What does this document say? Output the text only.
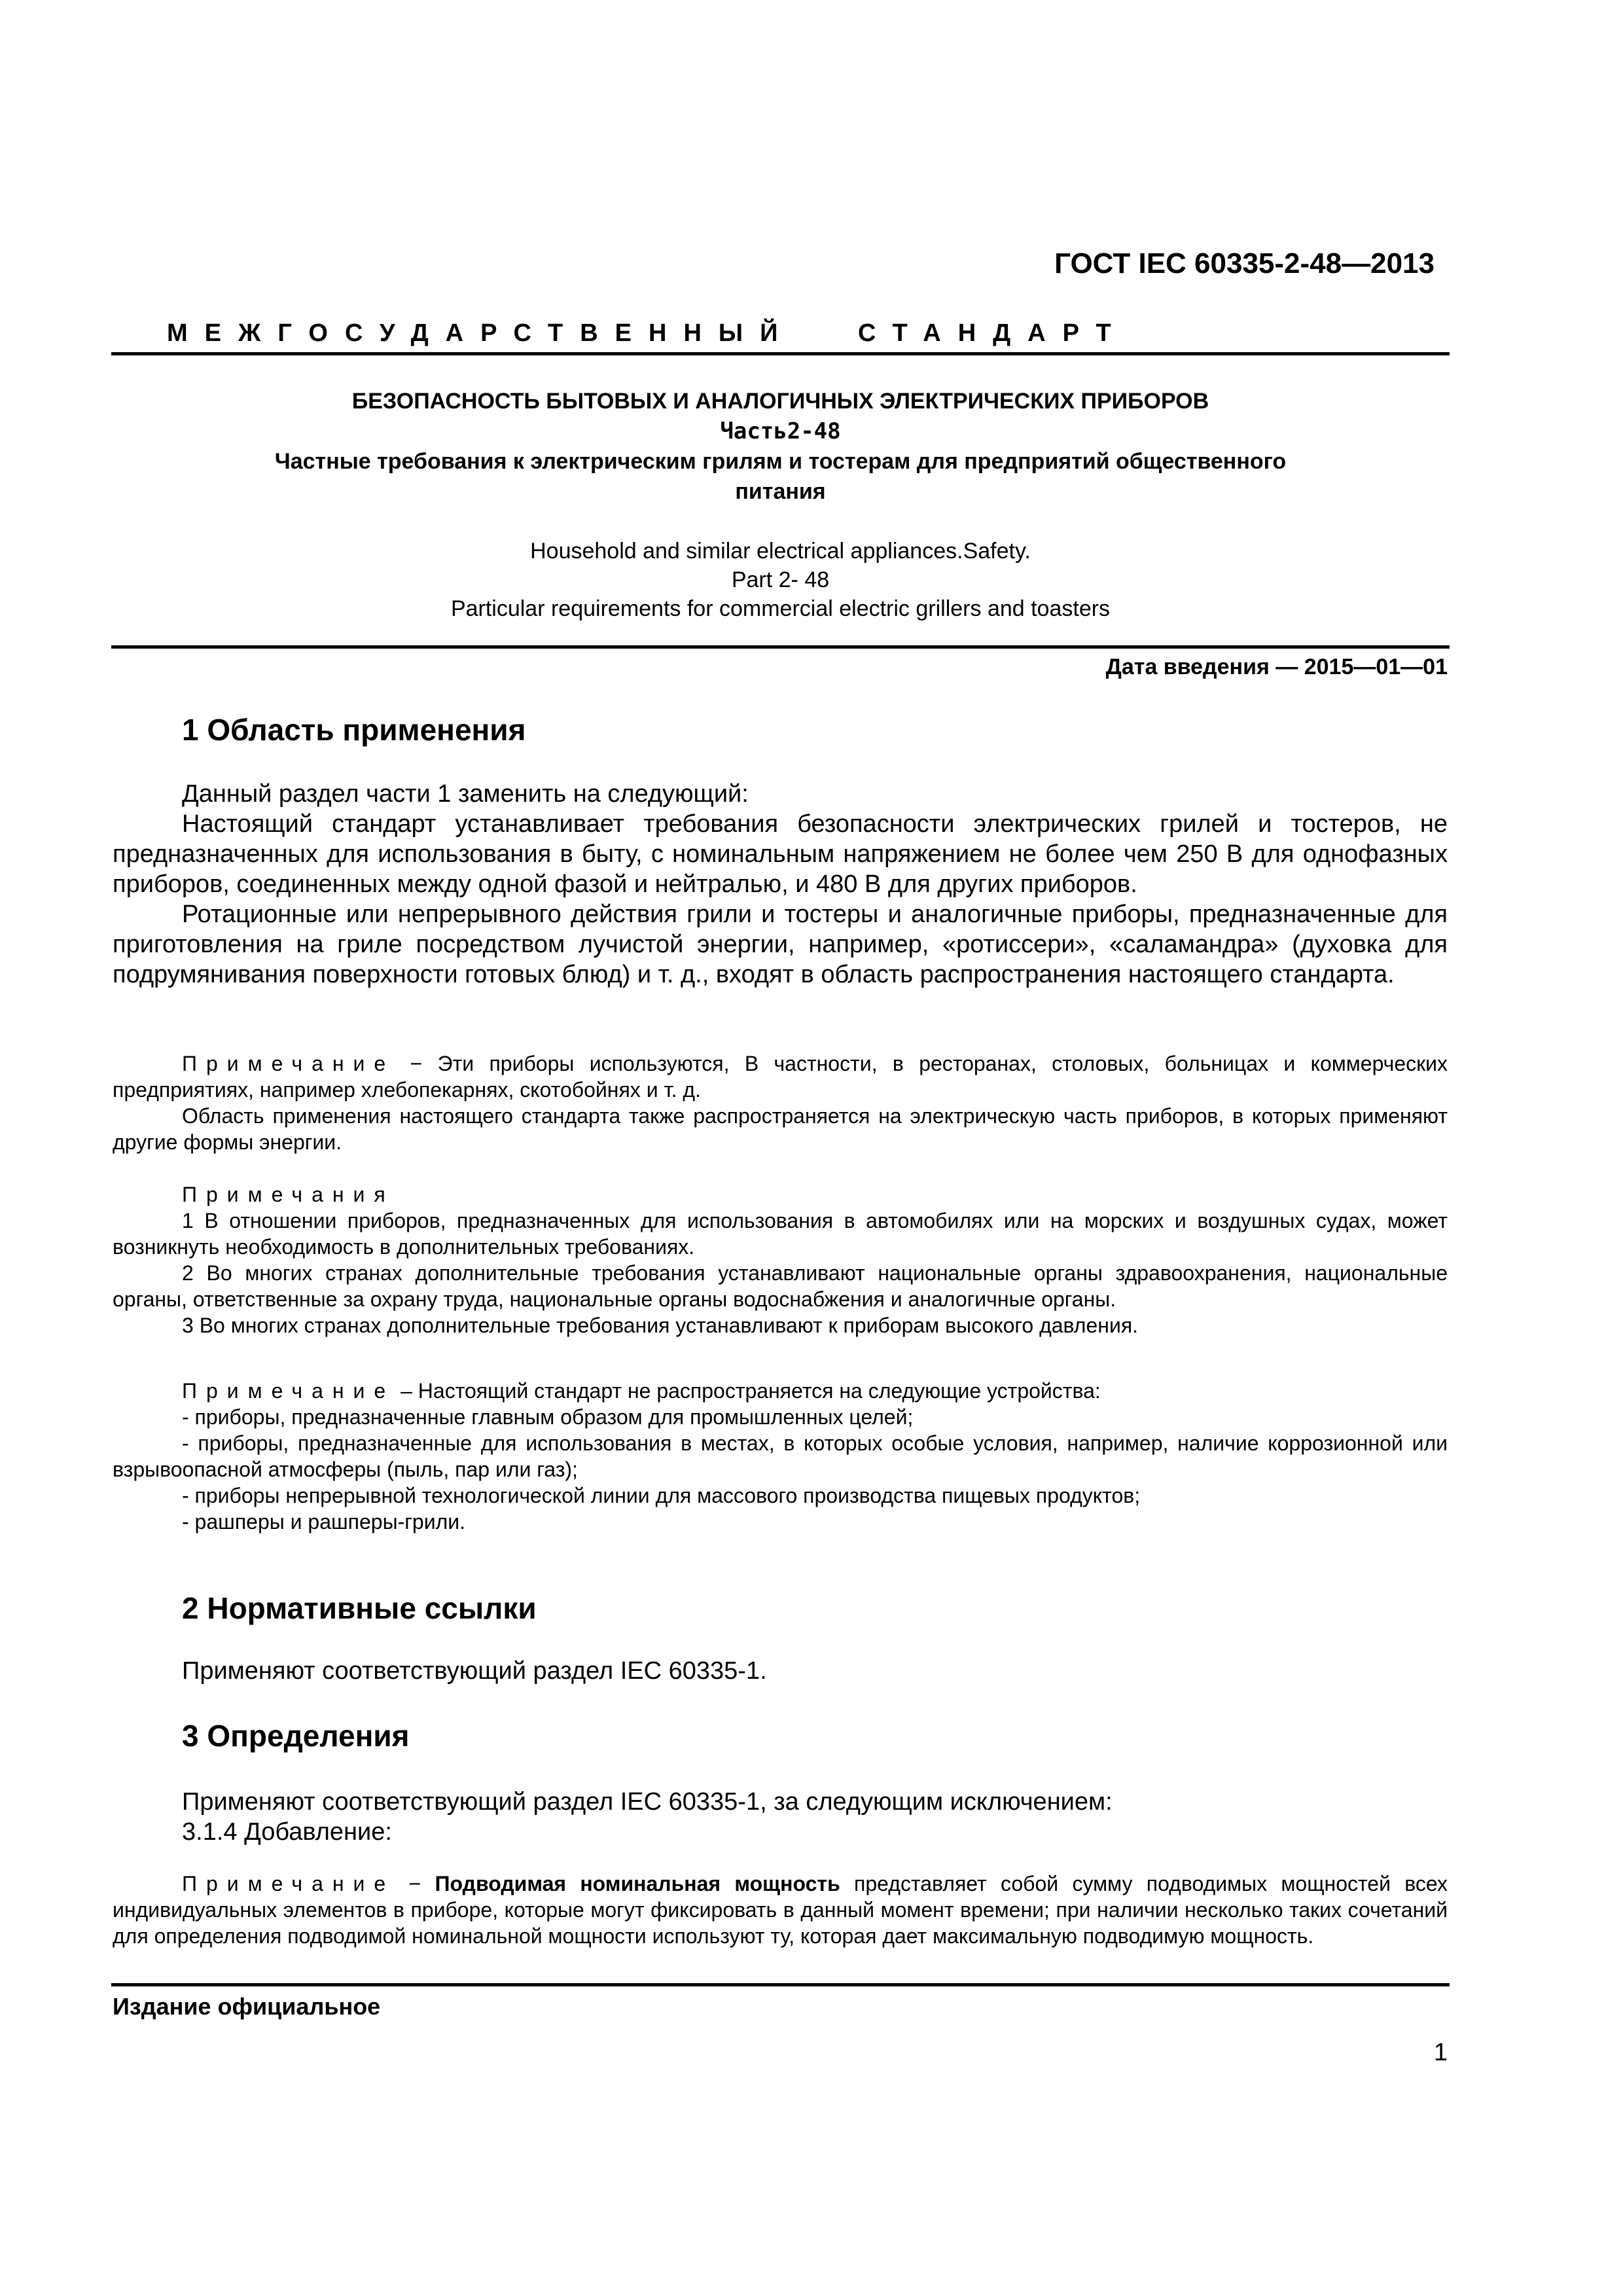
ГОСТ IEC 60335-2-48—2013
МЕЖГОСУДАРСТВЕННЫЙ СТАНДАРТ
БЕЗОПАСНОСТЬ БЫТОВЫХ И АНАЛОГИЧНЫХ ЭЛЕКТРИЧЕСКИХ ПРИБОРОВ
Часть2-48
Частные требования к электрическим грилям и тостерам для предприятий общественного
питания
Household and similar electrical appliances.Safety.
Part 2- 48
Particular requirements for commercial electric grillers and toasters
Дата введения — 2015—01—01
1 Область применения
Данный раздел части 1 заменить на следующий:
Настоящий стандарт устанавливает требования безопасности электрических грилей и тостеров, не предназначенных для использования в быту, с номинальным напряжением не более чем 250 В для однофазных приборов, соединенных между одной фазой и нейтралью, и 480 В для других приборов.
Ротационные или непрерывного действия грили и тостеры и аналогичные приборы, предназначенные для приготовления на гриле посредством лучистой энергии, например, «ротиссери», «саламандра» (духовка для подрумянивания поверхности готовых блюд) и т. д., входят в область распространения настоящего стандарта.
Примечание − Эти приборы используются, В частности, в ресторанах, столовых, больницах и коммерческих предприятиях, например хлебопекарнях, скотобойнях и т. д.
Область применения настоящего стандарта также распространяется на электрическую часть приборов, в которых применяют другие формы энергии.
Примечания
1 В отношении приборов, предназначенных для использования в автомобилях или на морских и воздушных судах, может возникнуть необходимость в дополнительных требованиях.
2 Во многих странах дополнительные требования устанавливают национальные органы здравоохранения, национальные органы, ответственные за охрану труда, национальные органы водоснабжения и аналогичные органы.
3 Во многих странах дополнительные требования устанавливают к приборам высокого давления.
Примечание – Настоящий стандарт не распространяется на следующие устройства:
- приборы, предназначенные главным образом для промышленных целей;
- приборы, предназначенные для использования в местах, в которых особые условия, например, наличие коррозионной или взрывоопасной атмосферы (пыль, пар или газ);
- приборы непрерывной технологической линии для массового производства пищевых продуктов;
- рашперы и рашперы-грили.
2 Нормативные ссылки
Применяют соответствующий раздел IEC 60335-1.
3 Определения
Применяют соответствующий раздел IEC 60335-1, за следующим исключением:
3.1.4 Добавление:
Примечание − Подводимая номинальная мощность представляет собой сумму подводимых мощностей всех индивидуальных элементов в приборе, которые могут фиксировать в данный момент времени; при наличии несколько таких сочетаний для определения подводимой номинальной мощности используют ту, которая дает максимальную подводимую мощность.
Издание официальное
1
